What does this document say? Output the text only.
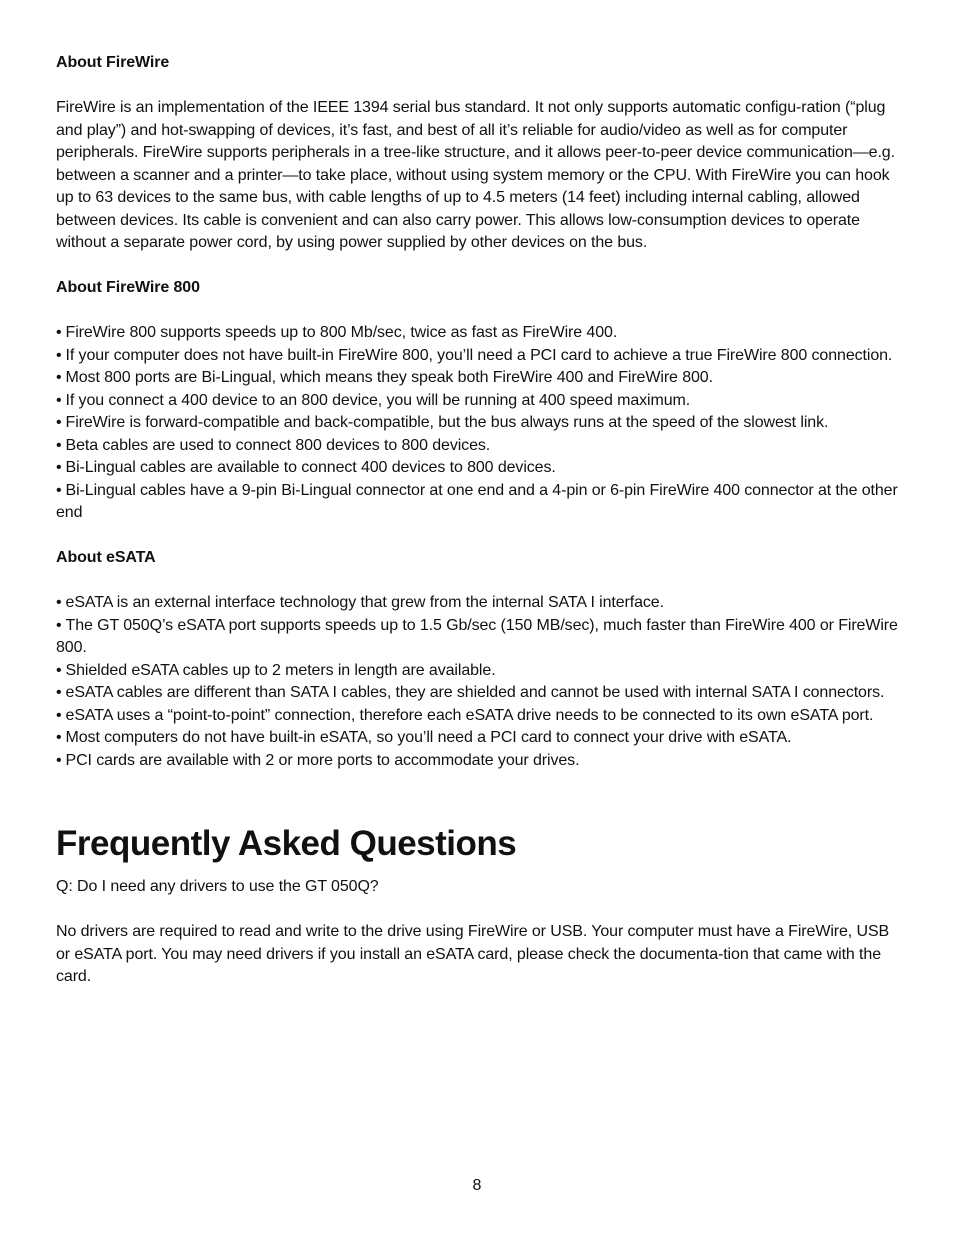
About FireWire

FireWire is an implementation of the IEEE 1394 serial bus standard. It not only supports automatic configu-ration (“plug and play”) and hot-swapping of devices, it’s fast, and best of all it’s reliable for audio/video as well as for computer peripherals. FireWire supports peripherals in a tree-like structure, and it allows peer-to-peer device communication—e.g. between a scanner and a printer—to take place, without using system memory or the CPU. With FireWire you can hook up to 63 devices to the same bus, with cable lengths of up to 4.5 meters (14 feet) including internal cabling, allowed between devices. Its cable is convenient and can also carry power. This allows low-consumption devices to operate without a separate power cord, by using power supplied by other devices on the bus.

About FireWire 800

• FireWire 800 supports speeds up to 800 Mb/sec, twice as fast as FireWire 400.
• If your computer does not have built-in FireWire 800, you’ll need a PCI card to achieve a true FireWire 800 connection.
• Most 800 ports are Bi-Lingual, which means they speak both FireWire 400 and FireWire 800.
• If you connect a 400 device to an 800 device, you will be running at 400 speed maximum.
• FireWire is forward-compatible and back-compatible, but the bus always runs at the speed of the slowest link.
• Beta cables are used to connect 800 devices to 800 devices.
• Bi-Lingual cables are available to connect 400 devices to 800 devices.
• Bi-Lingual cables have a 9-pin Bi-Lingual connector at one end and a 4-pin or 6-pin FireWire 400 connector at the other end

About eSATA

• eSATA is an external interface technology that grew from the internal SATA I interface.
• The GT 050Q’s eSATA port supports speeds up to 1.5 Gb/sec (150 MB/sec), much faster than FireWire 400 or FireWire 800.
• Shielded eSATA cables up to 2 meters in length are available.
• eSATA cables are different than SATA I cables, they are shielded and cannot be used with internal SATA I connectors.
• eSATA uses a “point-to-point” connection, therefore each eSATA drive needs to be connected to its own eSATA port.
• Most computers do not have built-in eSATA, so you’ll need a PCI card to connect your drive with eSATA.
• PCI cards are available with 2 or more ports to accommodate your drives.
Frequently Asked Questions

Q: Do I need any drivers to use the GT 050Q?

No drivers are required to read and write to the drive using FireWire or USB. Your computer must have a FireWire, USB or eSATA port. You may need drivers if you install an eSATA card, please check the documenta-tion that came with the card.

8
